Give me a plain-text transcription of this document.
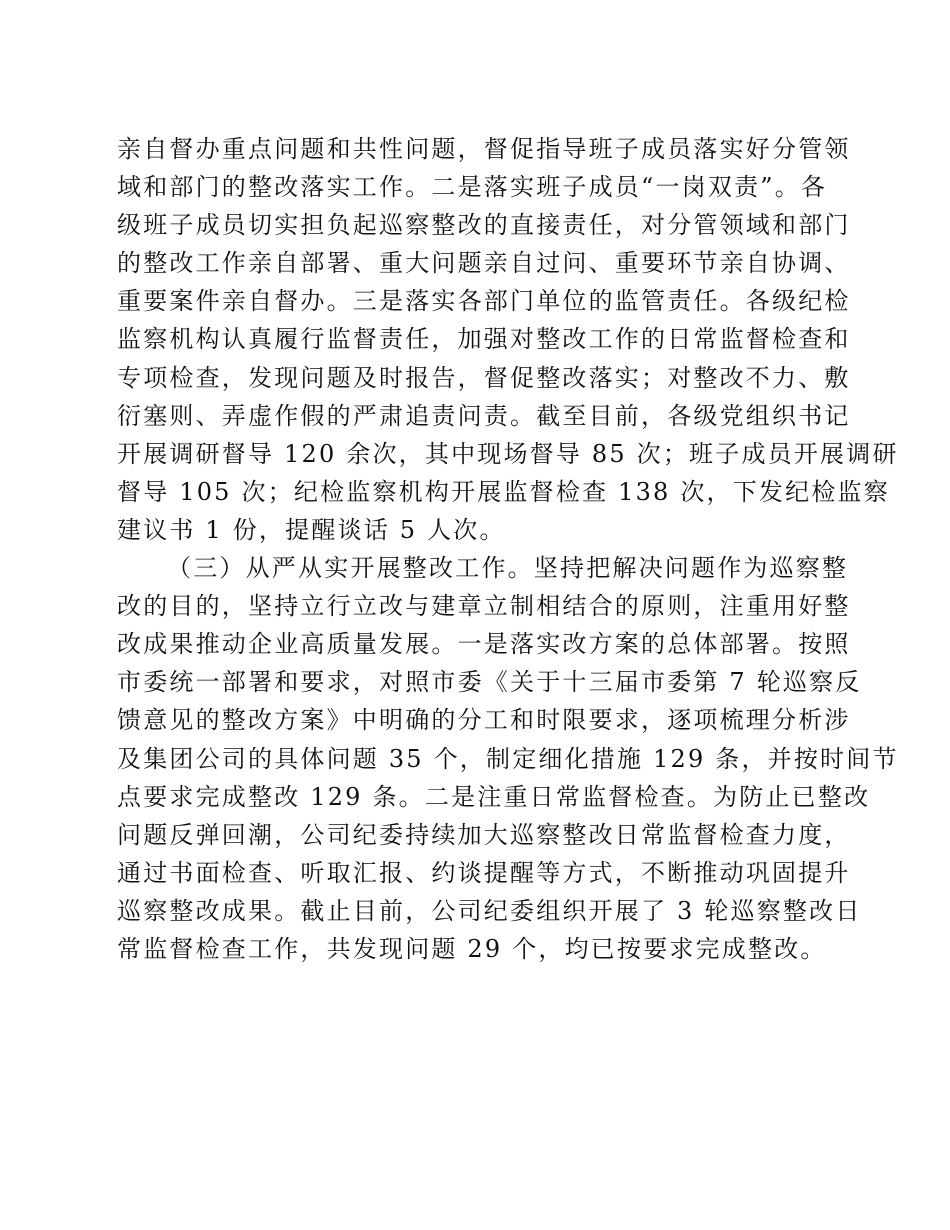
亲自督办重点问题和共性问题，督促指导班子成员落实好分管领
域和部门的整改落实工作。二是落实班子成员“一岗双责”。各
级班子成员切实担负起巡察整改的直接责任，对分管领域和部门
的整改工作亲自部署、重大问题亲自过问、重要环节亲自协调、
重要案件亲自督办。三是落实各部门单位的监管责任。各级纪检
监察机构认真履行监督责任，加强对整改工作的日常监督检查和
专项检查，发现问题及时报告，督促整改落实；对整改不力、敷
衍塞则、弄虚作假的严肃追责问责。截至目前，各级党组织书记
开展调研督导 120 余次，其中现场督导 85 次；班子成员开展调研
督导 105 次；纪检监察机构开展监督检查 138 次，下发纪检监察
建议书 1 份，提醒谈话 5 人次。
（三）从严从实开展整改工作。坚持把解决问题作为巡察整
改的目的，坚持立行立改与建章立制相结合的原则，注重用好整
改成果推动企业高质量发展。一是落实改方案的总体部署。按照
市委统一部署和要求，对照市委《关于十三届市委第 7 轮巡察反
馈意见的整改方案》中明确的分工和时限要求，逐项梳理分析涉
及集团公司的具体问题 35 个，制定细化措施 129 条，并按时间节
点要求完成整改 129 条。二是注重日常监督检查。为防止已整改
问题反弹回潮，公司纪委持续加大巡察整改日常监督检查力度，
通过书面检查、听取汇报、约谈提醒等方式，不断推动巩固提升
巡察整改成果。截止目前，公司纪委组织开展了 3 轮巡察整改日
常监督检查工作，共发现问题 29 个，均已按要求完成整改。
